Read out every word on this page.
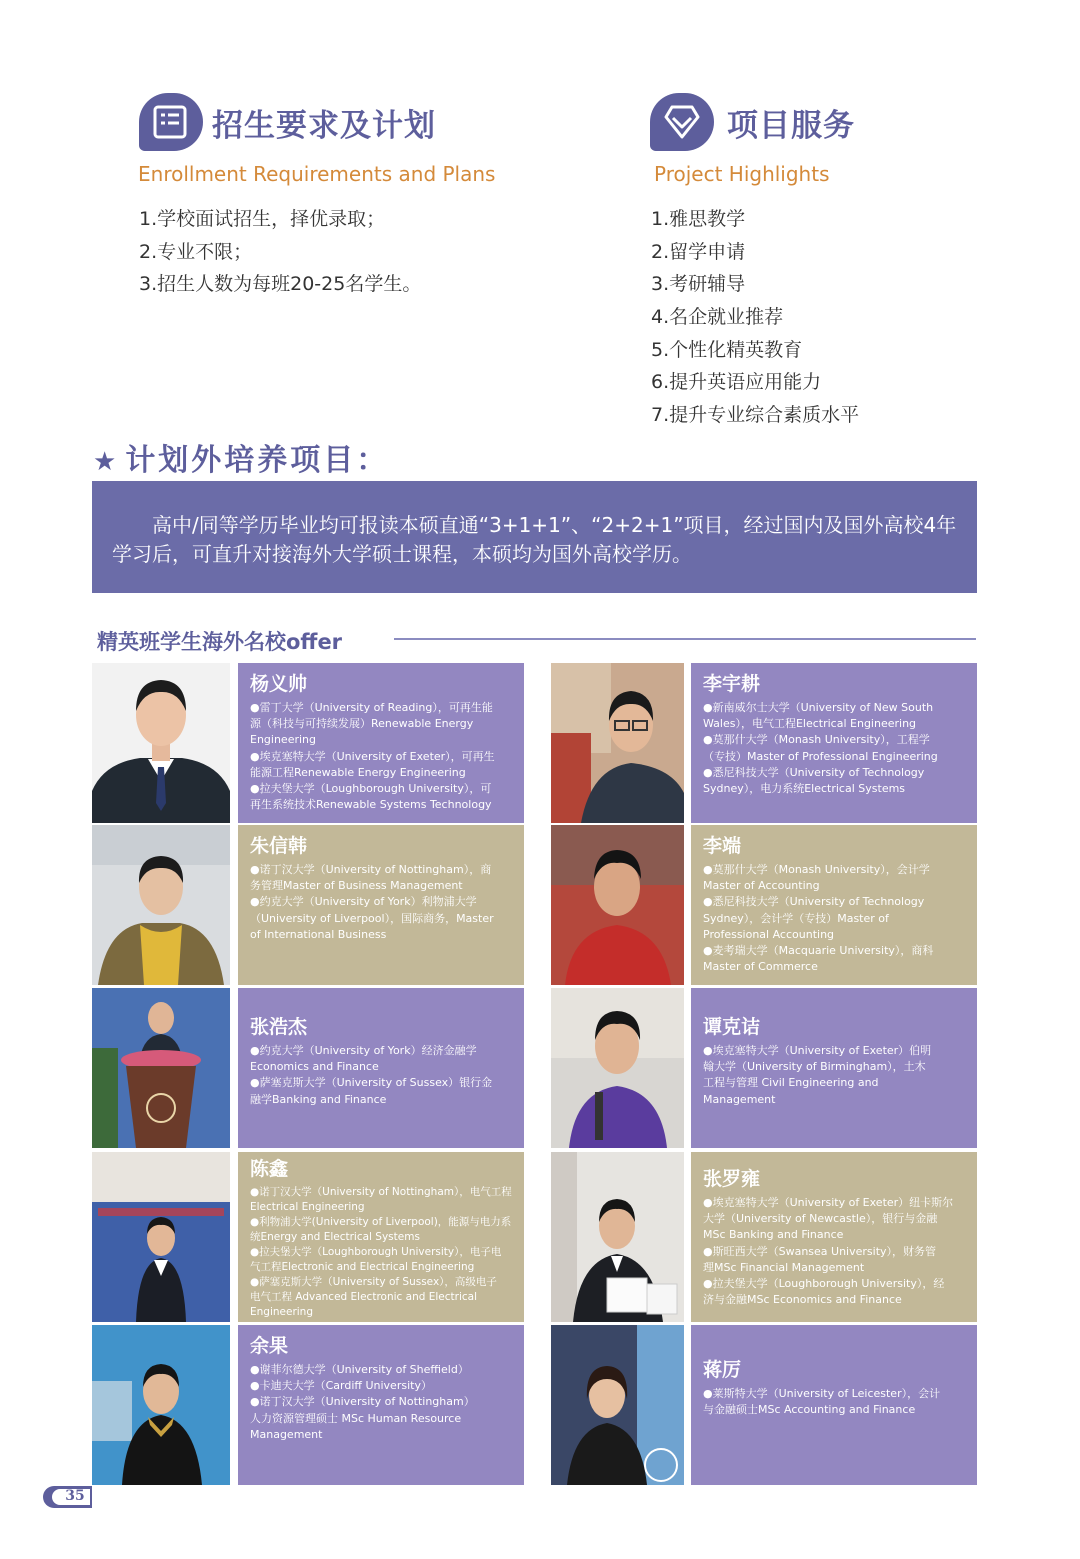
招生要求及计划
Enrollment Requirements and Plans
1.学校面试招生，择优录取；
2.专业不限；
3.招生人数为每班20-25名学生。
项目服务
Project Highlights
1.雅思教学
2.留学申请
3.考研辅导
4.名企就业推荐
5.个性化精英教育
6.提升英语应用能力
7.提升专业综合素质水平
★ 计划外培养项目：

高中/同等学历毕业均可报读本硕直通“3+1+1”、“2+2+1”项目，经过国内及国外高校4年学习后，可直升对接海外大学硕士课程，本硕均为国外高校学历。

精英班学生海外名校offer
杨义帅
●雷丁大学（University of Reading），可再生能
源（科技与可持续发展）Renewable Energy
Engineering
●埃克塞特大学（University of Exeter），可再生
能源工程Renewable Energy Engineering
●拉夫堡大学（Loughborough University），可
再生系统技术Renewable Systems Technology
李宇耕
●新南威尔士大学（University of New South
Wales），电气工程Electrical Engineering
●莫那什大学（Monash University），工程学
（专技）Master of Professional Engineering
●悉尼科技大学（University of Technology
Sydney），电力系统Electrical Systems
朱信韩
●诺丁汉大学（University of Nottingham），商
务管理Master of Business Management
●约克大学（University of York）利物浦大学
（University of Liverpool），国际商务，Master
of International Business
李端
●莫那什大学（Monash University），会计学
Master of Accounting
●悉尼科技大学（University of Technology
Sydney），会计学（专技）Master of
Professional Accounting
●麦考瑞大学（Macquarie University），商科
Master of Commerce
张浩杰
●约克大学（University of York）经济金融学
Economics and Finance
●萨塞克斯大学（University of Sussex）银行金
融学Banking and Finance
谭克诘
●埃克塞特大学（University of Exeter）伯明
翰大学（University of Birmingham），土木
工程与管理 Civil Engineering and
Management
陈鑫
●诺丁汉大学（University of Nottingham），电气工程
Electrical Engineering
●利物浦大学(University of Liverpool)，能源与电力系
统Energy and Electrical Systems
●拉夫堡大学（Loughborough University），电子电
气工程Electronic and Electrical Engineering
●萨塞克斯大学（University of Sussex），高级电子
电气工程 Advanced Electronic and Electrical
Engineering
张罗雍
●埃克塞特大学（University of Exeter）纽卡斯尔
大学（University of Newcastle），银行与金融
MSc Banking and Finance
●斯旺西大学（Swansea University），财务管
理MSc Financial Management
●拉夫堡大学（Loughborough University），经
济与金融MSc Economics and Finance
余果
●谢菲尔德大学（University of Sheffield）
●卡迪夫大学（Cardiff University）
●诺丁汉大学（University of Nottingham）
人力资源管理硕士 MSc Human Resource
Management
蒋厉
●莱斯特大学（University of Leicester），会计
与金融硕士MSc Accounting and Finance
35
